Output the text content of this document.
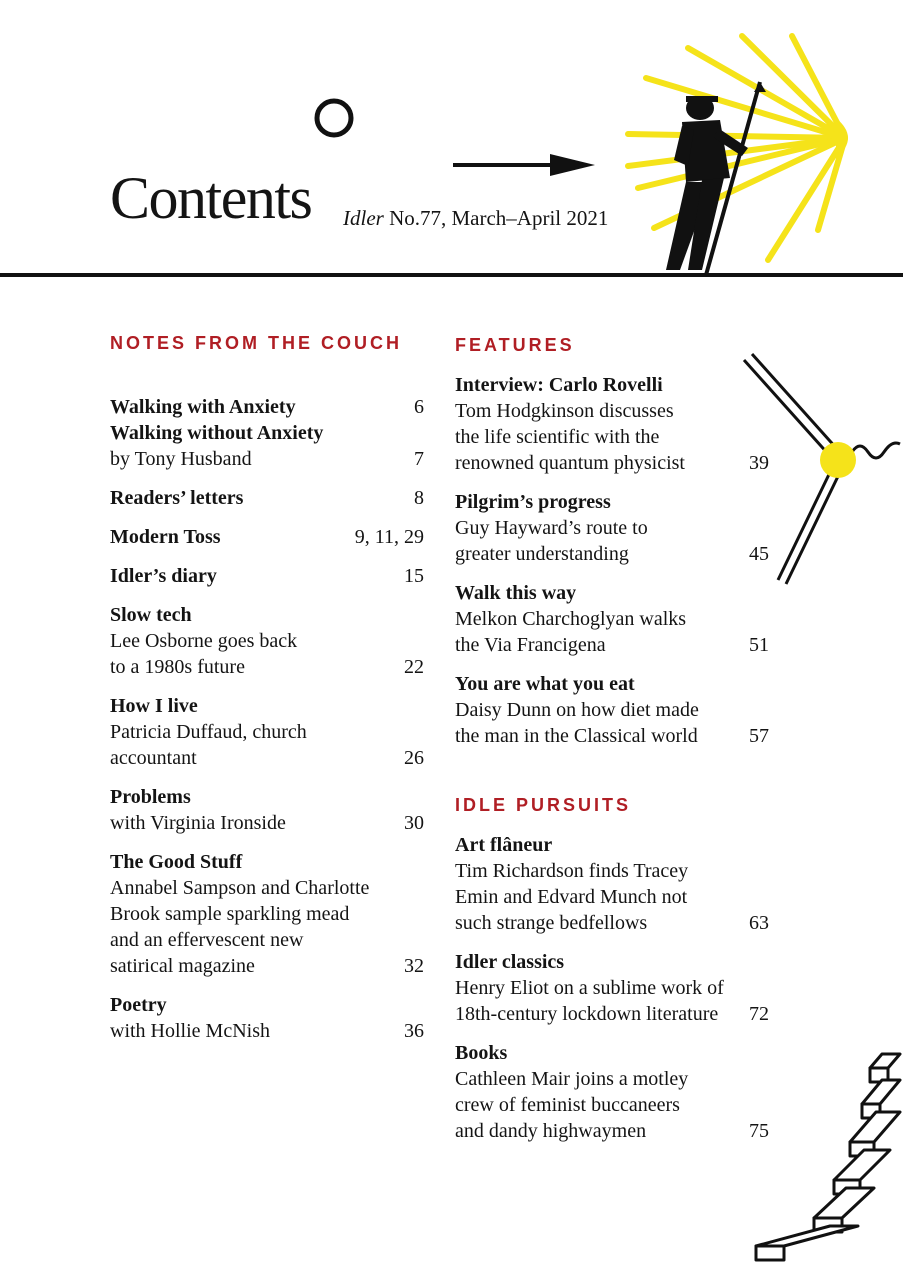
Contents Idler No.77, March–April 2021
NOTES FROM THE COUCH
Walking with Anxiety	6
Walking without Anxiety
by Tony Husband	7
Readers’ letters	8
Modern Toss	9, 11, 29
Idler’s diary	15
Slow tech
Lee Osborne goes back
to a 1980s future	22
How I live
Patricia Duffaud, church
accountant	26
Problems
with Virginia Ironside	30
The Good Stuff
Annabel Sampson and Charlotte
Brook sample sparkling mead
and an effervescent new
satirical magazine	32
Poetry
with Hollie McNish	36
FEATURES
Interview: Carlo Rovelli
Tom Hodgkinson discusses
the life scientific with the
renowned quantum physicist	39
Pilgrim’s progress
Guy Hayward’s route to
greater understanding	45
Walk this way
Melkon Charchoglyan walks
the Via Francigena	51
You are what you eat
Daisy Dunn on how diet made
the man in the Classical world	57
IDLE PURSUITS
Art flâneur
Tim Richardson finds Tracey
Emin and Edvard Munch not
such strange bedfellows	63
Idler classics
Henry Eliot on a sublime work of
18th-century lockdown literature	72
Books
Cathleen Mair joins a motley
crew of feminist buccaneers
and dandy highwaymen	75
